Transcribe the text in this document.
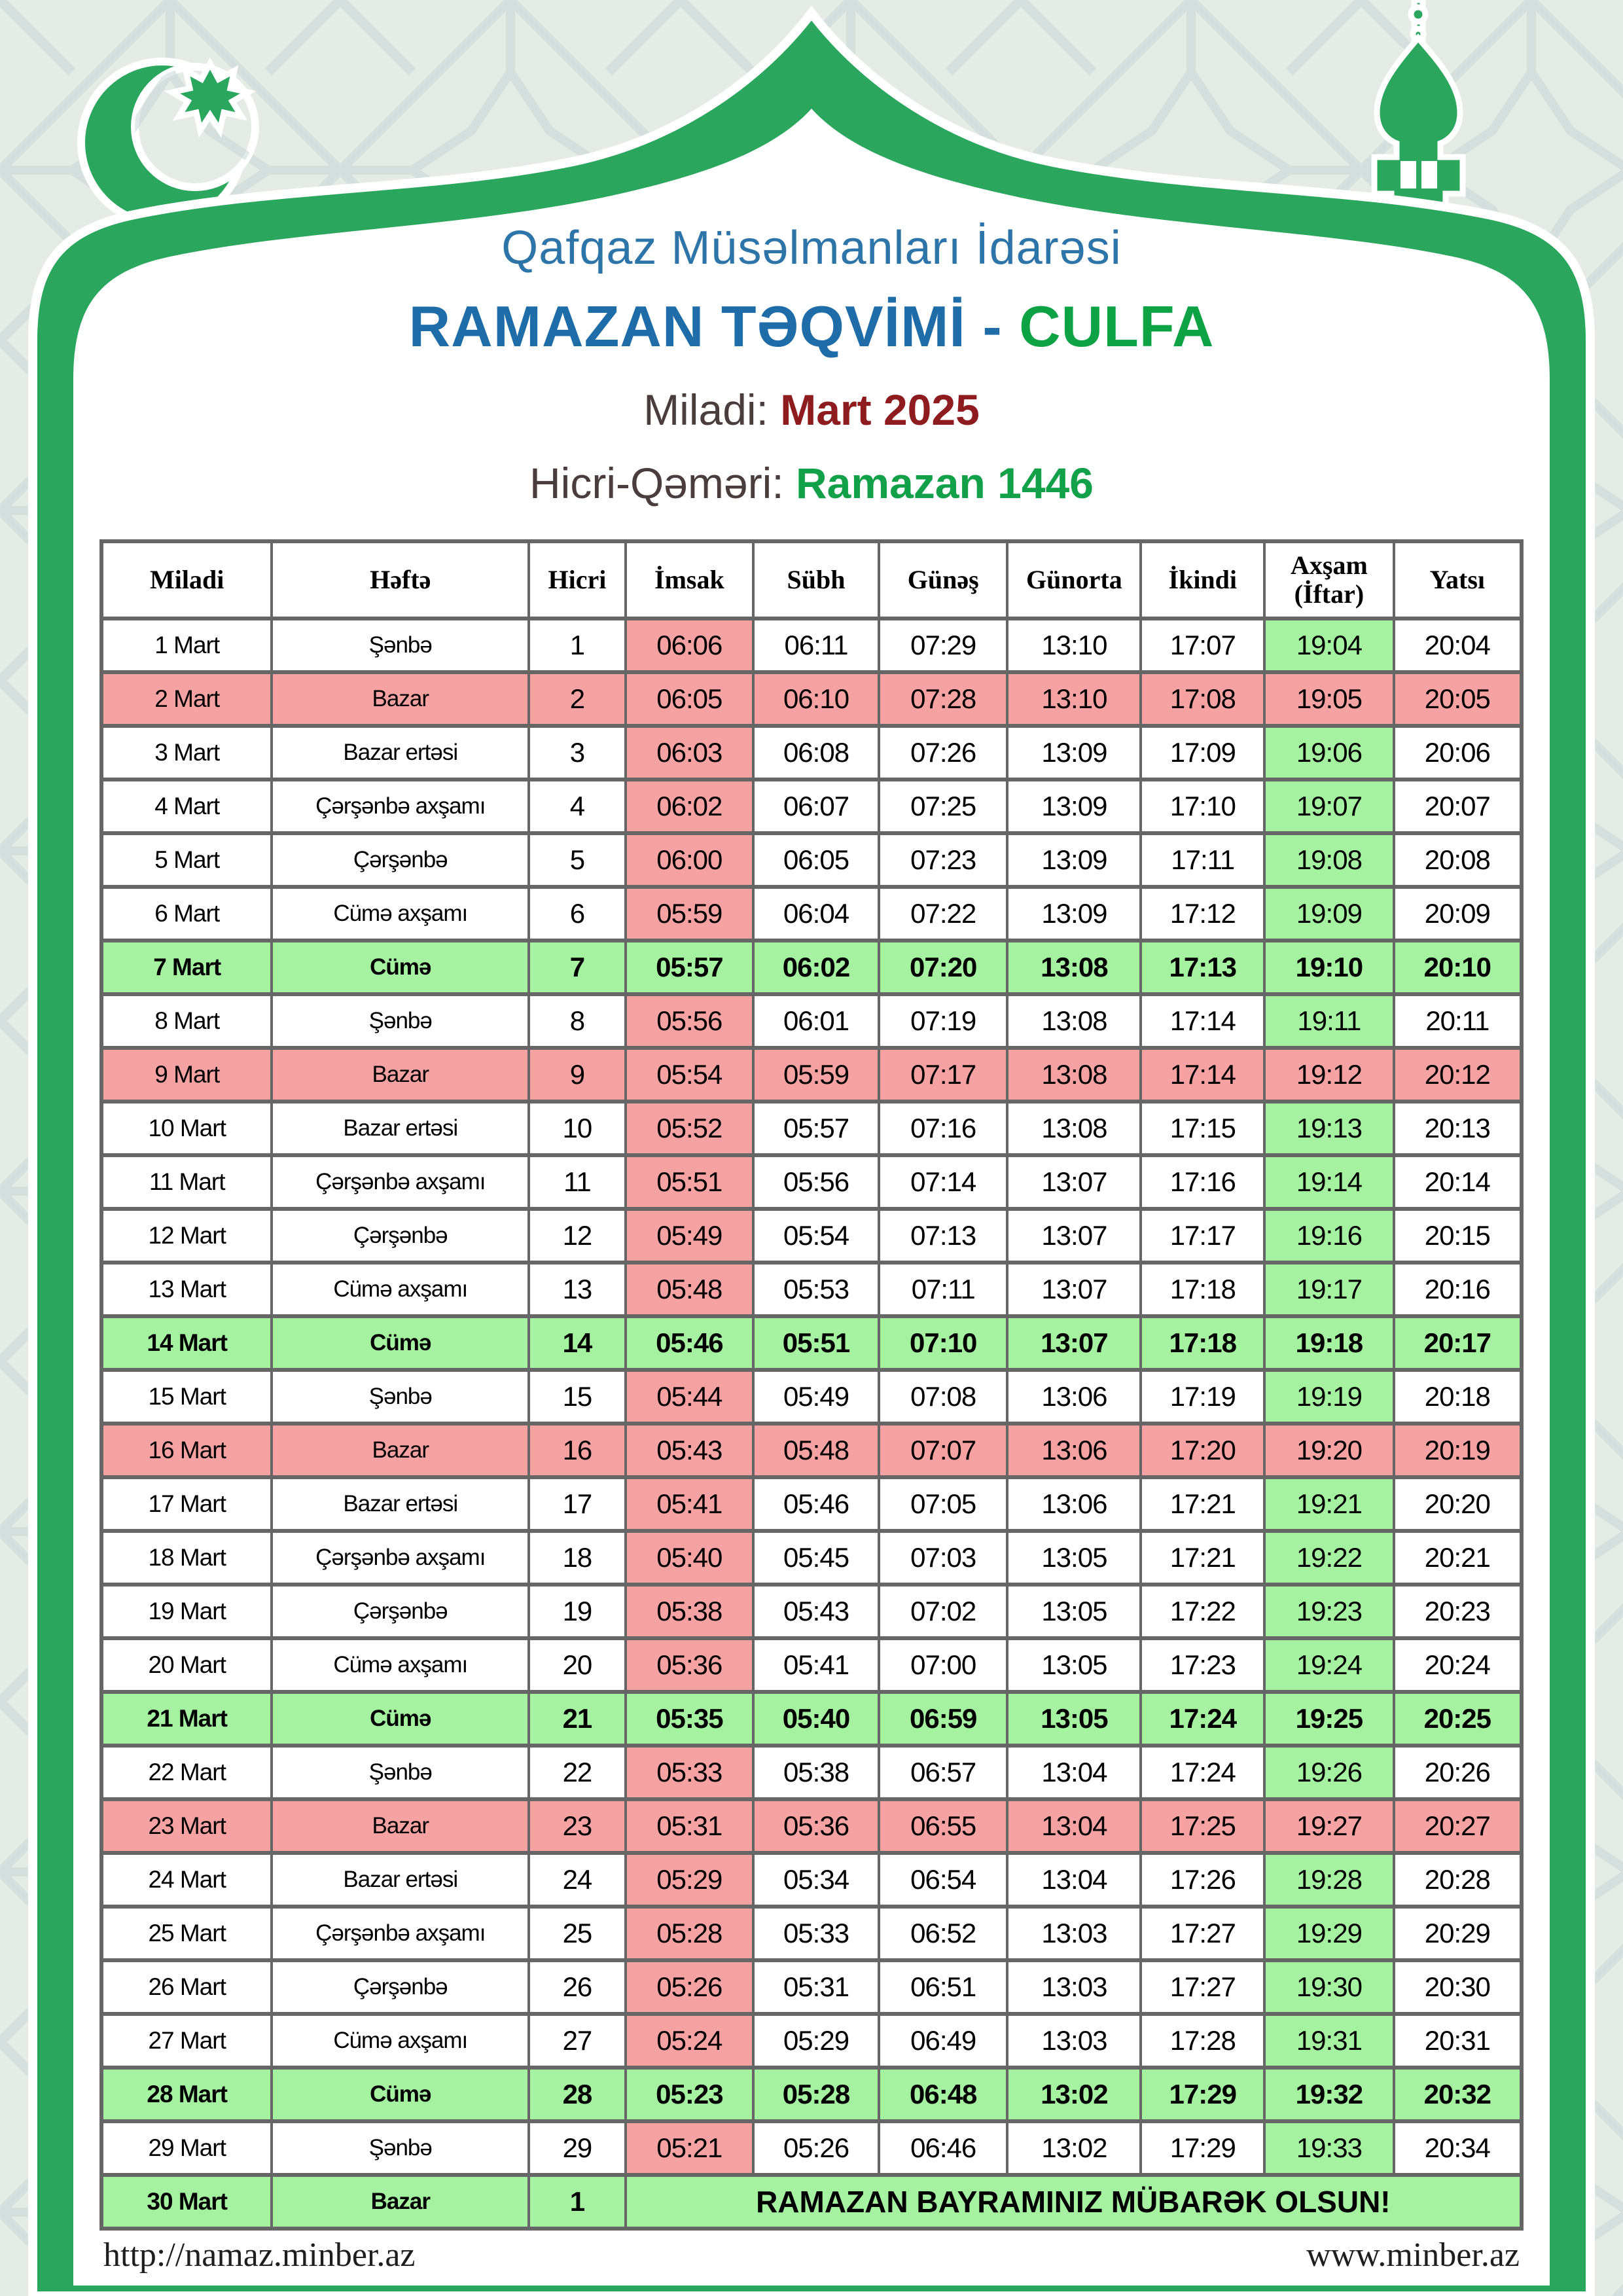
Qafqaz Müsəlmanları İdarəsi
RAMAZAN TƏQVİMİ - CULFA
Miladi: Mart 2025
Hicri-Qəməri: Ramazan 1446
Miladi	Həftə	Hicri	İmsak	Sübh	Günəş	Günorta	İkindi	Axşam (İftar)	Yatsı
1 Mart	Şənbə	1	06:06	06:11	07:29	13:10	17:07	19:04	20:04
2 Mart	Bazar	2	06:05	06:10	07:28	13:10	17:08	19:05	20:05
3 Mart	Bazar ertəsi	3	06:03	06:08	07:26	13:09	17:09	19:06	20:06
4 Mart	Çərşənbə axşamı	4	06:02	06:07	07:25	13:09	17:10	19:07	20:07
5 Mart	Çərşənbə	5	06:00	06:05	07:23	13:09	17:11	19:08	20:08
6 Mart	Cümə axşamı	6	05:59	06:04	07:22	13:09	17:12	19:09	20:09
7 Mart	Cümə	7	05:57	06:02	07:20	13:08	17:13	19:10	20:10
8 Mart	Şənbə	8	05:56	06:01	07:19	13:08	17:14	19:11	20:11
9 Mart	Bazar	9	05:54	05:59	07:17	13:08	17:14	19:12	20:12
10 Mart	Bazar ertəsi	10	05:52	05:57	07:16	13:08	17:15	19:13	20:13
11 Mart	Çərşənbə axşamı	11	05:51	05:56	07:14	13:07	17:16	19:14	20:14
12 Mart	Çərşənbə	12	05:49	05:54	07:13	13:07	17:17	19:16	20:15
13 Mart	Cümə axşamı	13	05:48	05:53	07:11	13:07	17:18	19:17	20:16
14 Mart	Cümə	14	05:46	05:51	07:10	13:07	17:18	19:18	20:17
15 Mart	Şənbə	15	05:44	05:49	07:08	13:06	17:19	19:19	20:18
16 Mart	Bazar	16	05:43	05:48	07:07	13:06	17:20	19:20	20:19
17 Mart	Bazar ertəsi	17	05:41	05:46	07:05	13:06	17:21	19:21	20:20
18 Mart	Çərşənbə axşamı	18	05:40	05:45	07:03	13:05	17:21	19:22	20:21
19 Mart	Çərşənbə	19	05:38	05:43	07:02	13:05	17:22	19:23	20:23
20 Mart	Cümə axşamı	20	05:36	05:41	07:00	13:05	17:23	19:24	20:24
21 Mart	Cümə	21	05:35	05:40	06:59	13:05	17:24	19:25	20:25
22 Mart	Şənbə	22	05:33	05:38	06:57	13:04	17:24	19:26	20:26
23 Mart	Bazar	23	05:31	05:36	06:55	13:04	17:25	19:27	20:27
24 Mart	Bazar ertəsi	24	05:29	05:34	06:54	13:04	17:26	19:28	20:28
25 Mart	Çərşənbə axşamı	25	05:28	05:33	06:52	13:03	17:27	19:29	20:29
26 Mart	Çərşənbə	26	05:26	05:31	06:51	13:03	17:27	19:30	20:30
27 Mart	Cümə axşamı	27	05:24	05:29	06:49	13:03	17:28	19:31	20:31
28 Mart	Cümə	28	05:23	05:28	06:48	13:02	17:29	19:32	20:32
29 Mart	Şənbə	29	05:21	05:26	06:46	13:02	17:29	19:33	20:34
30 Mart	Bazar	1	RAMAZAN BAYRAMINIZ MÜBARƏK OLSUN!						
http://namaz.minber.az	www.minber.az
